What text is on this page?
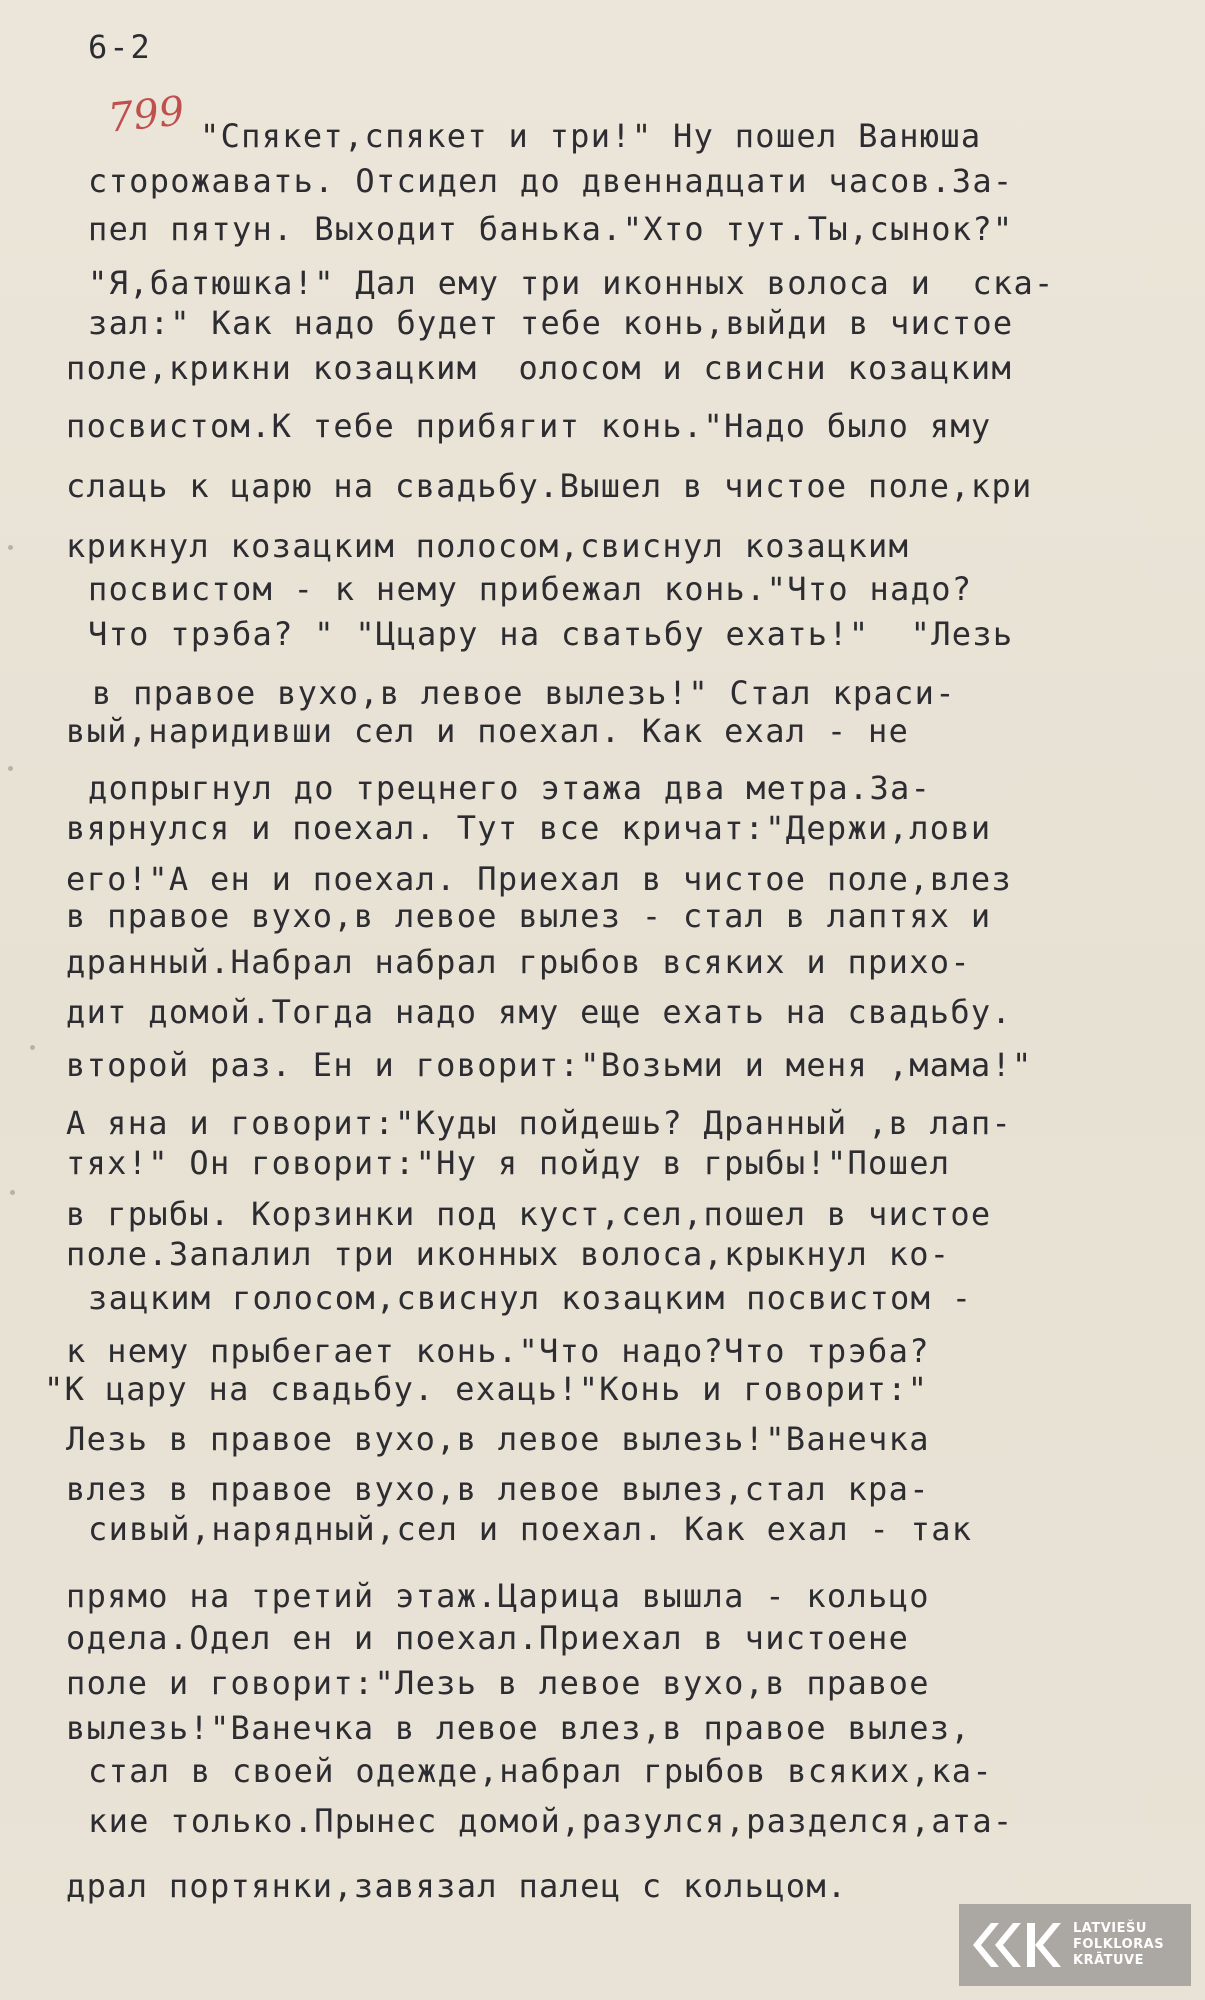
6-2
799 "Спякет,спякет и три!" Ну пошел Ванюша
сторожавать. Отсидел до двеннадцати часов.За-
пел пятун. Выходит банька."Хто тут.Ты,сынок?"
"Я,батюшка!" Дал ему три иконных волоса и  ска-
зал:" Как надо будет тебе конь,выйди в чистое
поле,крикни козацким  олосом и свисни козацким
посвистом.К тебе прибягит конь."Надо было яму
слаць к царю на свадьбу.Вышел в чистое поле,кри
крикнул козацким полосом,свиснул козацким
посвистом - к нему прибежал конь."Что надо?
Что трэба? " "Ццару на сватьбу ехать!"  "Лезь
в правое вухо,в левое вылезь!" Стал краси-
вый,наридивши сел и поехал. Как ехал - не
допрыгнул до трецнего этажа два метра.За-
вярнулся и поехал. Тут все кричат:"Держи,лови
его!"А ен и поехал. Приехал в чистое поле,влез
в правое вухо,в левое вылез - стал в лаптях и
дранный.Набрал набрал грыбов всяких и прихо-
дит домой.Тогда надо яму еще ехать на свадьбу.
второй раз. Ен и говорит:"Возьми и меня ,мама!"
А яна и говорит:"Куды пойдешь? Дранный ,в лап-
тях!" Он говорит:"Ну я пойду в грыбы!"Пошел
в грыбы. Корзинки под куст,сел,пошел в чистое
поле.Запалил три иконных волоса,крыкнул ко-
зацким голосом,свиснул козацким посвистом -
к нему прыбегает конь."Что надо?Что трэба?
"К цару на свадьбу. ехаць!"Конь и говорит:"
Лезь в правое вухо,в левое вылезь!"Ванечка
влез в правое вухо,в левое вылез,стал кра-
сивый,нарядный,сел и поехал. Как ехал - так
прямо на третий этаж.Царица вышла - кольцо
одела.Одел ен и поехал.Приехал в чистоене
поле и говорит:"Лезь в левое вухо,в правое
вылезь!"Ванечка в левое влез,в правое вылез,
стал в своей одежде,набрал грыбов всяких,ка-
кие только.Прынес домой,разулся,разделся,ата-
драл портянки,завязал палец с кольцом.
LATVIEŠU
FOLKLORAS
KRĀTUVE
